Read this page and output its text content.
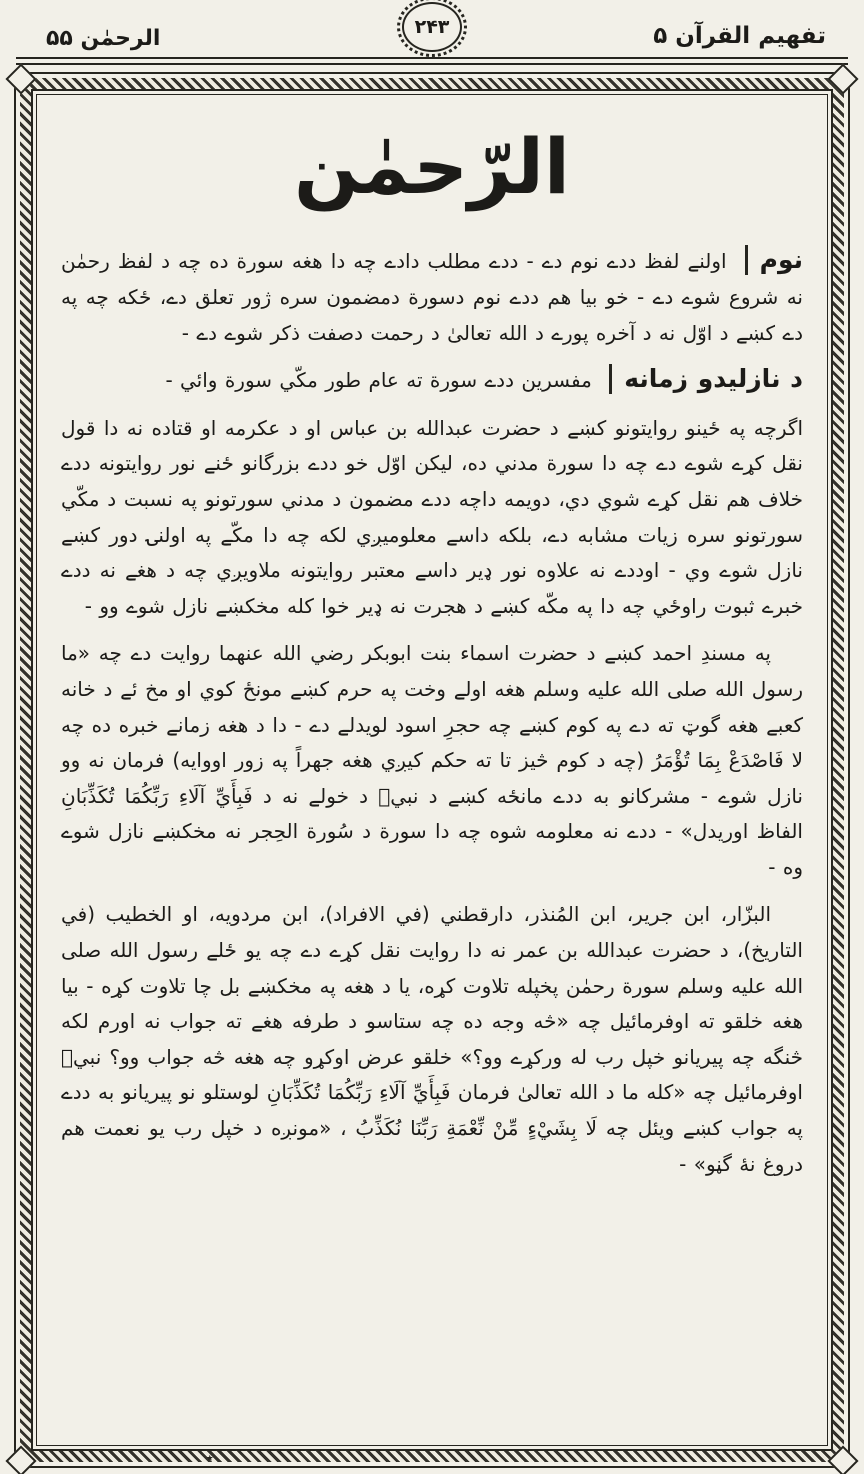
۲۴۳
الرحمٰن ۵۵	تفهيم القرآن ۵
الرّحمٰن

نوم اولنے لفظ ددے نوم دے - ددے مطلب دادے چه دا هغه سورة ده چه د لفظ رحمٰن نه شروع شوے دے - خو بيا هم ددے نوم دسورة دمضمون سره ژور تعلق دے، ځکه چه په دے کښے د اوّل نه د آخره پورے د الله تعالیٰ د رحمت دصفت ذکر شوے دے -

د نازليدو زمانه مفسرين ددے سورة ته عام طور مکّي سورة وائي -

اگرچه په ځينو روايتونو کښے د حضرت عبدالله بن عباس او د عکرمه او قتاده نه دا قول نقل کړے شوے دے چه دا سورة مدني ده، ليکن اوّل خو ددے بزرگانو ځنے نور روايتونه ددے خلاف هم نقل کړے شوي دي، دويمه داچه ددے مضمون د مدني سورتونو په نسبت د مکّي سورتونو سره زيات مشابه دے، بلکه داسے معلوميږي لکه چه دا مکّے په اولنۍ دور کښے نازل شوے وي - اوددے نه علاوه نور ډير داسے معتبر روايتونه ملاويږي چه د هغے نه ددے خبرے ثبوت راوځي چه دا په مکّه کښے د هجرت نه ډير خوا کله مخکښے نازل شوے وو -

په مسندِ احمد کښے د حضرت اسماء بنت ابوبکر رضي الله عنهما روايت دے چه «ما رسول الله صلی الله عليه وسلم هغه اولے وخت په حرم کښے مونځ کوي او مخ ئے د خانه کعبے هغه گوټ ته دے په کوم کښے چه حجرِ اسود لويدلے دے - دا د هغه زمانے خبره ده چه لا فَاصْدَعْ بِمَا تُؤْمَرُ (چه د کوم څيز تا ته حکم کيږي هغه جهراً په زور اووايه) فرمان نه وو نازل شوے - مشرکانو به ددے مانځه کښے د نبيؐ د خولے نه د فَبِأَيِّ آلَاءِ رَبِّكُمَا تُكَذِّبَانِ الفاظ اوريدل» - ددے نه معلومه شوه چه دا سورة د سُورة الحِجر نه مخکښے نازل شوے وه -

البزّار، ابن جرير، ابن المُنذر، دارقطني (في الافراد)، ابن مردويه، او الخطيب (في التاريخ)، د حضرت عبدالله بن عمر نه دا روايت نقل کړے دے چه يو ځلے رسول الله صلی الله عليه وسلم سورة رحمٰن پخپله تلاوت کړه، يا د هغه په مخکښے بل چا تلاوت کړه - بيا هغه خلقو ته اوفرمائيل چه «څه وجه ده چه ستاسو د طرفه هغے ته جواب نه اورم لکه څنگه چه پيريانو خپل رب له ورکړے وو؟» خلقو عرض اوکړو چه هغه څه جواب وو؟ نبيؐ اوفرمائيل چه «کله ما د الله تعالیٰ فرمان فَبِأَيِّ آلَاءِ رَبِّكُمَا تُكَذِّبَانِ لوستلو نو پيريانو به ددے په جواب کښے ويئل چه لَا بِشَيْءٍ مِّنْ نِّعْمَةِ رَبِّنَا نُكَذِّبُ ، «مونږه د خپل رب يو نعمت هم دروغ نهٔ گڼو» -

٭
